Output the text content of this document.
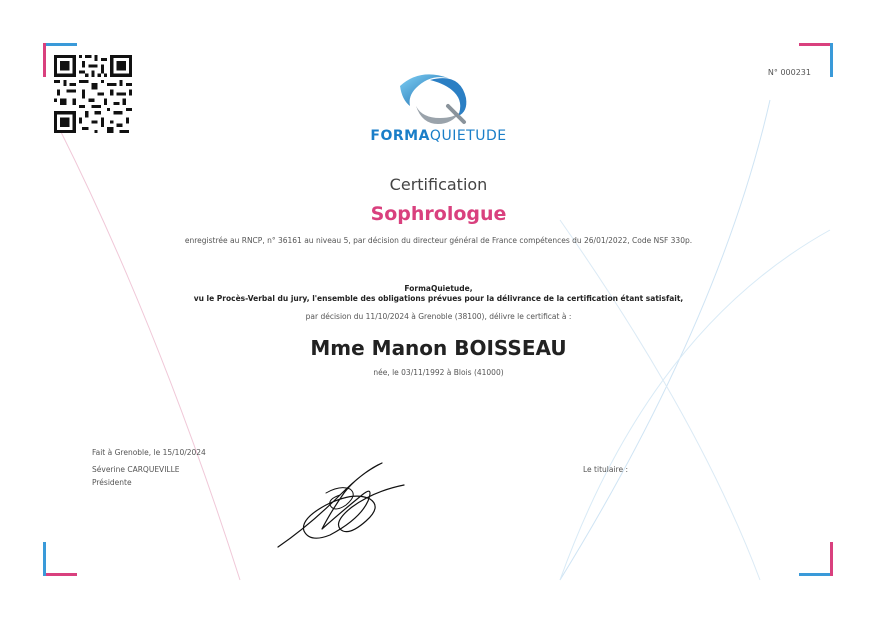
N° 000231
FORMAQUIETUDE
Certification
Sophrologue
enregistrée au RNCP, n° 36161 au niveau 5, par décision du directeur général de France compétences du 26/01/2022, Code NSF 330p.
FormaQuietude,
vu le Procès-Verbal du jury, l'ensemble des obligations prévues pour la délivrance de la certification étant satisfait,
par décision du 11/10/2024 à Grenoble (38100), délivre le certificat à :
Mme Manon BOISSEAU
née, le 03/11/1992 à Blois (41000)
Fait à Grenoble, le 15/10/2024
Séverine CARQUEVILLE
Présidente
Le titulaire :
